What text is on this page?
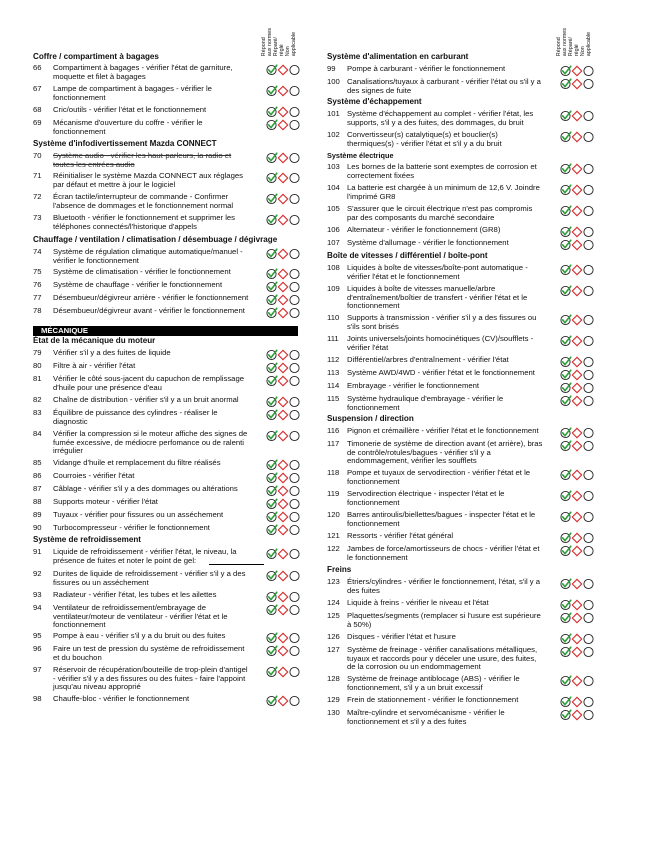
Répond
aux normes Réparé/
réglé Non
applicable	Répond
aux normes Réparé/
réglé Non
applicable
Coffre / compartiment à bagages
66	Compartiment à bagages - vérifier l'état de garniture,
moquette et filet à bagages
67	Lampe de compartiment à bagages - vérifier le
fonctionnement
68	Cric/outils - vérifier l'état et le fonctionnement
69	Mécanisme d'ouverture du coffre - vérifier le
fonctionnement
Système d'infodivertissement Mazda CONNECT
70	Système audio - vérifier les haut-parleurs, la radio et
toutes les entrées audio
71	Réinitialiser le système Mazda CONNECT aux réglages
par défaut et mettre à jour le logiciel
72	Écran tactile/interrupteur de commande - Confirmer
l'absence de dommages et le fonctionnement normal
73	Bluetooth - vérifier le fonctionnement et supprimer les
téléphones connectés/l'historique d'appels
Chauffage / ventilation / climatisation / désembuage / dégivrage
74	Système de régulation climatique automatique/manuel -
vérifier le fonctionnement
75	Système de climatisation - vérifier le fonctionnement
76	Système de chauffage - vérifier le fonctionnement
77	Désembueur/dégivreur arrière - vérifier le fonctionnement
78	Désembueur/dégivreur avant - vérifier le fonctionnement
MÉCANIQUE
État de la mécanique du moteur
79	Vérifier s'il y a des fuites de liquide
80	Filtre à air - vérifier l'état
81	Vérifier le côté sous-jacent du capuchon de remplissage
d'huile pour une présence d'eau
82	Chaîne de distribution - vérifier s'il y a un bruit anormal
83	Équilibre de puissance des cylindres - réaliser le
diagnostic
84	Vérifier la compression si le moteur affiche des signes de
fumée excessive, de médiocre perfomance ou de ralenti
irrégulier
85	Vidange d'huile et remplacement du filtre réalisés
86	Courroies - vérifier l'état
87	Câblage - vérifier s'il y a des dommages ou altérations
88	Supports moteur - vérifier l'état
89	Tuyaux - vérifier pour fissures ou un asséchement
90	Turbocompresseur - vérifier le fonctionnement
Système de refroidissement
91	Liquide de refroidissement - vérifier l'état, le niveau, la
présence de fuites et noter le point de gel:
92	Durites de liquide de refroidissement - vérifier s'il y a des
fissures ou un asséchement
93	Radiateur - vérifier l'état, les tubes et les ailettes
94	Ventilateur de refroidissement/embrayage de
ventilateur/moteur de ventilateur - vérifier l'état et le
fonctionnement
95	Pompe à eau - vérifier s'il y a du bruit ou des fuites
96	Faire un test de pression du système de refroidissement
et du bouchon
97	Réservoir de récupération/bouteille de trop-plein d'antigel
- vérifier s'il y a des fissures ou des fuites - faire l'appoint
jusqu'au niveau approprié
98	Chauffe-bloc - vérifier le fonctionnement
Système d'alimentation en carburant
99	Pompe à carburant - vérifier le fonctionnement
100 Canalisations/tuyaux à carburant - vérifier l'état ou s'il y a
des signes de fuite
Système d'échappement
101 Système d'échappement au complet - vérifier l'état, les
supports, s'il y a des fuites, des dommages, du bruit
102 Convertisseur(s) catalytique(s) et bouclier(s)
thermiques(s) - vérifier l'état et s'il y a du bruit
Système électrique
103 Les bornes de la batterie sont exemptes de corrosion et
correctement fixées
104 La batterie est chargée à un minimum de 12,6 V. Joindre
l'imprimé GR8
105 S'assurer que le circuit électrique n'est pas compromis
par des composants du marché secondaire
106 Alternateur - vérifier le fonctionnement (GR8)
107 Système d'allumage - vérifier le fonctionnement
Boîte de vitesses / différentiel / boîte-pont
108 Liquides à boîte de vitesses/boîte-pont automatique -
vérifier l'état et le fonctionnement
109 Liquides à boîte de vitesses manuelle/arbre
d'entraînement/boîtier de transfert - vérifier l'état et le
fonctionnement
110	Supports à transmission - vérifier s'il y a des fissures ou
s'ils sont brisés
111	Joints universels/joints homocinétiques (CV)/soufflets -
vérifier l'état
112	Différentiel/arbres d'entraînement - vérifier l'état
113	Système AWD/4WD - vérifier l'état et le fonctionnement
114	Embrayage - vérifier le fonctionnement
115	Système hydraulique d'embrayage - vérifier le
fonctionnement
Suspension / direction
116	Pignon et crémaillère - vérifier l'état et le fonctionnement
117	Timonerie de système de direction avant (et arrière), bras
de contrôle/rotules/bagues - vérifier s'il y a
endommagement, vérifier les soufflets
118	Pompe et tuyaux de servodirection - vérifier l'état et le
fonctionnement
119	Servodirection électrique - inspecter l'état et le
fonctionnement
120 Barres antiroulis/biellettes/bagues - inspecter l'état et le
fonctionnement
121 Ressorts - vérifier l'état général
122 Jambes de force/amortisseurs de chocs - vérifier l'état et
le fonctionnement
Freins
123 Étriers/cylindres - vérifier le fonctionnement, l'état, s'il y a
des fuites
124 Liquide à freins - vérifier le niveau et l'état
125 Plaquettes/segments (remplacer si l'usure est supérieure
à 50%)
126 Disques - vérifier l'état et l'usure
127 Système de freinage - vérifier canalisations métalliques,
tuyaux et raccords pour y déceler une usure, des fuites,
de la corrosion ou un endommagement
128 Système de freinage antiblocage (ABS) - vérifier le
fonctionnement, s'il y a un bruit excessif
129 Frein de stationnement - vérifier le fonctionnement
130 Maître-cylindre et servomécanisme - vérifier le
fonctionnement et s'il y a des fuites
